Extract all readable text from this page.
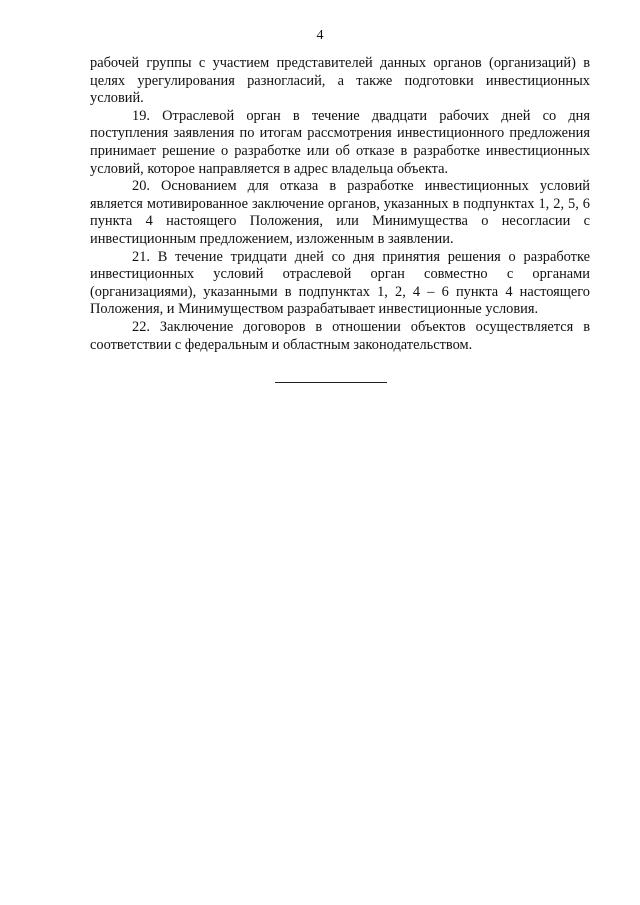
4

рабочей группы с участием представителей данных органов (организаций) в целях урегулирования разногласий, а также подготовки инвестиционных условий.

19. Отраслевой орган в течение двадцати рабочих дней со дня поступления заявления по итогам рассмотрения инвестиционного предложения принимает решение о разработке или об отказе в разработке инвестиционных условий, которое направляется в адрес владельца объекта.

20. Основанием для отказа в разработке инвестиционных условий является мотивированное заключение органов, указанных в подпунктах 1, 2, 5, 6 пункта 4 настоящего Положения, или Минимущества о несогласии с инвестиционным предложением, изложенным в заявлении.

21. В течение тридцати дней со дня принятия решения о разработке инвестиционных условий отраслевой орган совместно с органами (организациями), указанными в подпунктах 1, 2, 4 – 6 пункта 4 настоящего Положения, и Минимуществом разрабатывает инвестиционные условия.

22. Заключение договоров в отношении объектов осуществляется в соответствии с федеральным и областным законодательством.
